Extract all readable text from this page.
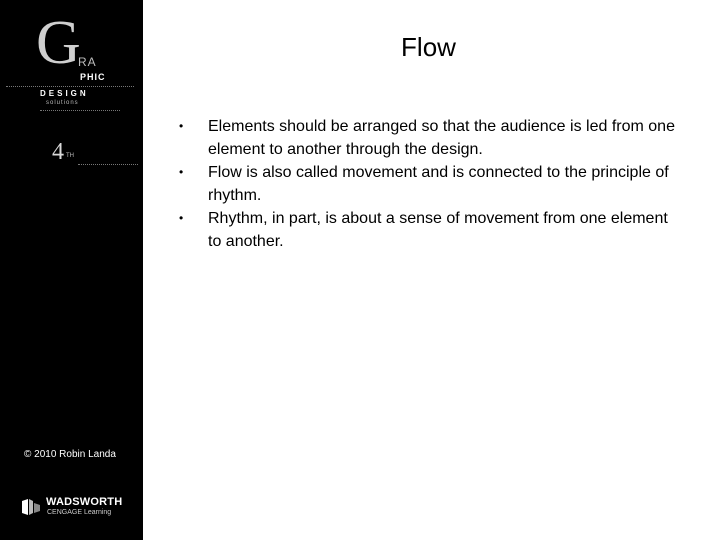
G
RA
PHIC
DESIGN
solutions
4 $^{TH}$
© 2010 Robin Landa
WADSWORTH
CENGAGE Learning
Flow
• Elements should be arranged so that the audience is led from one element to another through the design.
• Flow is also called movement and is connected to the principle of rhythm.
• Rhythm, in part, is about a sense of movement from one element to another.
